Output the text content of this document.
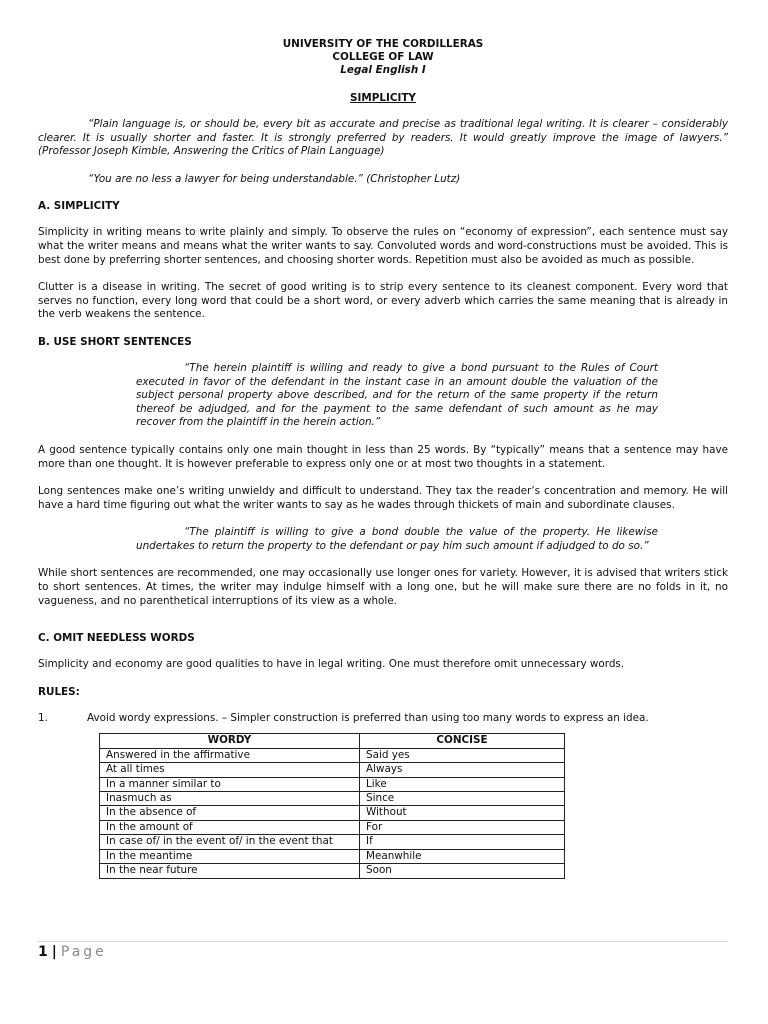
UNIVERSITY OF THE CORDILLERAS
COLLEGE OF LAW
Legal English I
SIMPLICITY
“Plain language is, or should be, every bit as accurate and precise as traditional legal writing. It is clearer – considerably clearer. It is usually shorter and faster. It is strongly preferred by readers. It would greatly improve the image of lawyers.” (Professor Joseph Kimble, Answering the Critics of Plain Language)
“You are no less a lawyer for being understandable.” (Christopher Lutz)
A. SIMPLICITY

Simplicity in writing means to write plainly and simply. To observe the rules on “economy of expression”, each sentence must say what the writer means and means what the writer wants to say. Convoluted words and word-constructions must be avoided. This is best done by preferring shorter sentences, and choosing shorter words. Repetition must also be avoided as much as possible.

Clutter is a disease in writing. The secret of good writing is to strip every sentence to its cleanest component. Every word that serves no function, every long word that could be a short word, or every adverb which carries the same meaning that is already in the verb weakens the sentence.

B. USE SHORT SENTENCES
“The herein plaintiff is willing and ready to give a bond pursuant to the Rules of Court executed in favor of the defendant in the instant case in an amount double the valuation of the subject personal property above described, and for the return of the same property if the return thereof be adjudged, and for the payment to the same defendant of such amount as he may recover from the plaintiff in the herein action.”

A good sentence typically contains only one main thought in less than 25 words. By “typically” means that a sentence may have more than one thought. It is however preferable to express only one or at most two thoughts in a statement.

Long sentences make one’s writing unwieldy and difficult to understand. They tax the reader’s concentration and memory. He will have a hard time figuring out what the writer wants to say as he wades through thickets of main and subordinate clauses.

“The plaintiff is willing to give a bond double the value of the property. He likewise undertakes to return the property to the defendant or pay him such amount if adjudged to do so.”

While short sentences are recommended, one may occasionally use longer ones for variety. However, it is advised that writers stick to short sentences. At times, the writer may indulge himself with a long one, but he will make sure there are no folds in it, no vagueness, and no parenthetical interruptions of its view as a whole.

C. OMIT NEEDLESS WORDS

Simplicity and economy are good qualities to have in legal writing. One must therefore omit unnecessary words.

RULES:
1.	Avoid wordy expressions. – Simpler construction is preferred than using too many words to express an idea.
WORDY	CONCISE
Answered in the affirmative	Said yes
At all times	Always
In a manner similar to	Like
Inasmuch as	Since
In the absence of	Without
In the amount of	For
In case of/ in the event of/ in the event that	If
In the meantime	Meanwhile
In the near future	Soon
1 | Page
